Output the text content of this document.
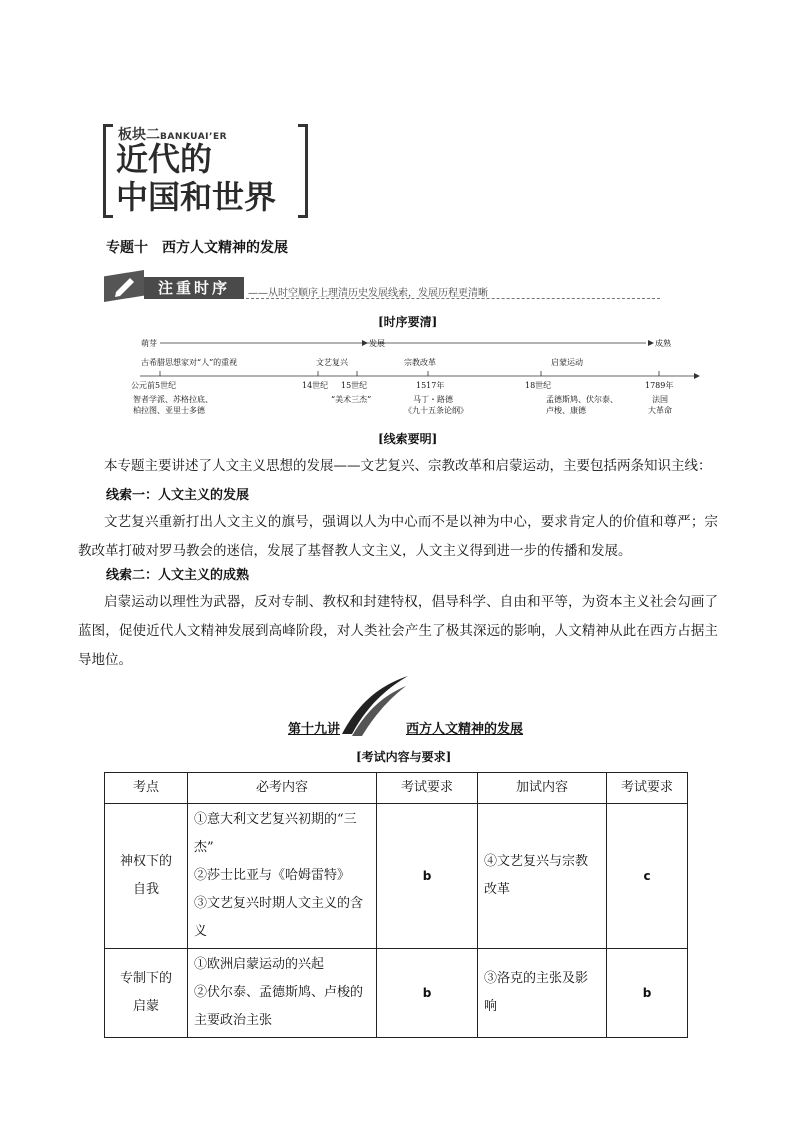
板块二BANKUAI’ER
近代的
中国和世界
专题十　西方人文精神的发展
注重时序	——从时空顺序上理清历史发展线索，发展历程更清晰
[时序要清]
萌芽	发展	成熟
古希腊思想家对“人”的重视	文艺复兴	宗教改革	启蒙运动
公元前5世纪	14世纪 15世纪	1517年	18世纪	1789年
智者学派、苏格拉底、
柏拉图、亚里士多德
“美术三杰”	马丁・路德
《九十五条论纲》
孟德斯鸠、伏尔泰、
卢梭、康德
法国
大革命
[线索要明]
本专题主要讲述了人文主义思想的发展——文艺复兴、宗教改革和启蒙运动，主要包括两条知识主线：
线索一：人文主义的发展
文艺复兴重新打出人文主义的旗号，强调以人为中心而不是以神为中心，要求肯定人的价值和尊严；宗教改革打破对罗马教会的迷信，发展了基督教人文主义，人文主义得到进一步的传播和发展。
线索二：人文主义的成熟
启蒙运动以理性为武器，反对专制、教权和封建特权，倡导科学、自由和平等，为资本主义社会勾画了蓝图，促使近代人文精神发展到高峰阶段，对人类社会产生了极其深远的影响，人文精神从此在西方占据主导地位。
第十九讲	西方人文精神的发展
[考试内容与要求]
考点	必考内容	考试要求	加试内容	考试要求

神权下的自我	①意大利文艺复兴初期的“三杰”
②莎士比亚与《哈姆雷特》
③文艺复兴时期人文主义的含义	b	④文艺复兴与宗教改革	c

专制下的启蒙	①欧洲启蒙运动的兴起
②伏尔泰、孟德斯鸠、卢梭的主要政治主张	b	③洛克的主张及影响	b
